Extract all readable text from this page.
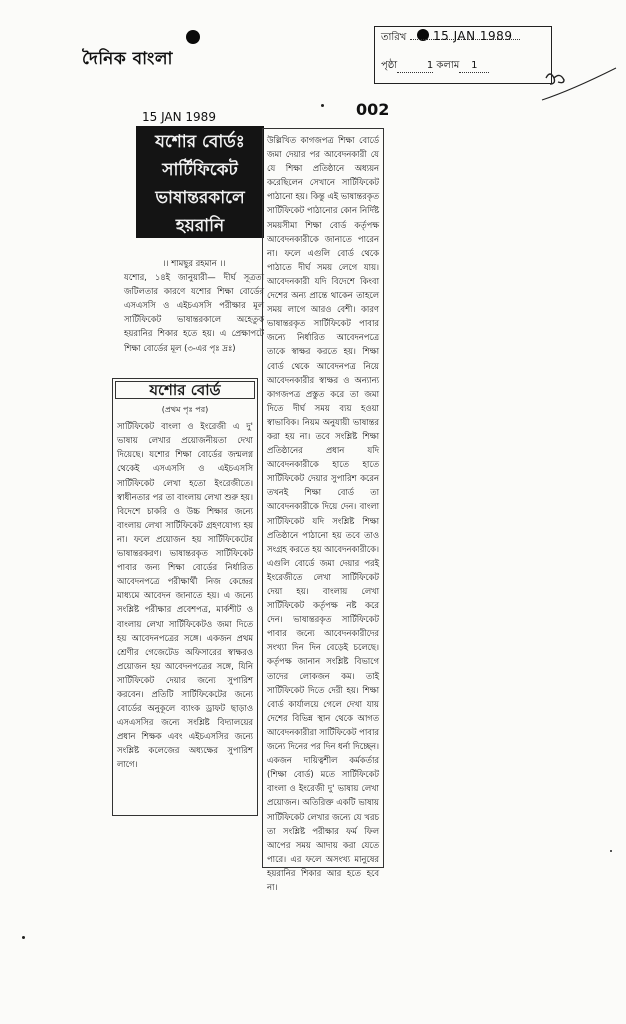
দৈনিক বাংলা
তারিখ	15 JAN 1989
পৃষ্ঠা	1 কলাম 1
002
15 JAN 1989
যশোর বোর্ডঃ
সার্টিফিকেট
ভাষান্তরকালে
হয়রানি

।। শামছুর রহমান ।।

যশোর, ১৪ই জানুয়ারী— দীর্ঘ সূত্রতা জটিলতার কারণে যশোর শিক্ষা বোর্ডের এসএসসি ও এইচএসসি পরীক্ষার মূল সার্টিফিকেট ভাষান্তরকালে অহেতুক হয়রানির শিকার হতে হয়। এ প্রেক্ষাপটে শিক্ষা বোর্ডের মূল (৩-এর পৃঃ দ্রঃ)

যশোর বোর্ড
(প্রথম পৃঃ পর)

সার্টিফিকেট বাংলা ও ইংরেজী এ দু' ভাষায় লেখার প্রয়োজনীয়তা দেখা দিয়েছে। যশোর শিক্ষা বোর্ডের জন্মলগ্ন থেকেই এসএসসি ও এইচএসসি সার্টিফিকেট লেখা হতো ইংরেজীতে। স্বাধীনতার পর তা বাংলায় লেখা শুরু হয়। বিদেশে চাকরি ও উচ্চ শিক্ষার জন্যে বাংলায় লেখা সার্টিফিকেট গ্রহণযোগ্য হয় না। ফলে প্রয়োজন হয় সার্টিফিকেটের ভাষান্তরকরণ। ভাষান্তরকৃত সার্টিফিকেট পাবার জন্য শিক্ষা বোর্ডের নির্ধারিত আবেদনপত্রে পরীক্ষার্থী নিজ কেন্দ্রের মাধ্যমে আবেদন জানাতে হয়। এ জন্যে সংশ্লিষ্ট পরীক্ষার প্রবেশপত্র, মার্কশীট ও বাংলায় লেখা সার্টিফিকেটও জমা দিতে হয় আবেদনপত্রের সঙ্গে। একজন প্রথম শ্রেণীর গেজেটেড অফিসারের স্বাক্ষরও প্রয়োজন হয় আবেদনপত্রের সঙ্গে, যিনি সার্টিফিকেট দেয়ার জন্যে সুপারিশ করবেন। প্রতিটি সার্টিফিকেটের জন্যে বোর্ডের অনুকূলে ব্যাংক ড্রাফট ছাড়াও এসএসসির জন্যে সংশ্লিষ্ট বিদ্যালয়ের প্রধান শিক্ষক এবং এইচএসসির জন্যে সংশ্লিষ্ট কলেজের অধ্যক্ষের সুপারিশ লাগে।

উল্লিখিত কাগজপত্র শিক্ষা বোর্ডে জমা দেয়ার পর আবেদনকারী যে যে শিক্ষা প্রতিষ্ঠানে অধ্যয়ন করেছিলেন সেখানে সার্টিফিকেট পাঠানো হয়। কিন্তু এই ভাষান্তরকৃত সার্টিফিকেট পাঠানোর কোন নির্দিষ্ট সময়সীমা শিক্ষা বোর্ড কর্তৃপক্ষ আবেদনকারীকে জানাতে পারেন না। ফলে এগুলি বোর্ড থেকে পাঠাতে দীর্ঘ সময় লেগে যায়। আবেদনকারী যদি বিদেশে কিংবা দেশের অন্য প্রান্তে থাকেন তাহলে সময় লাগে আরও বেশী। কারণ ভাষান্তরকৃত সার্টিফিকেট পাবার জন্যে নির্ধারিত আবেদনপত্রে তাকে স্বাক্ষর করতে হয়। শিক্ষা বোর্ড থেকে আবেদনপত্র নিয়ে আবেদনকারীর স্বাক্ষর ও অন্যান্য কাগজপত্র প্রস্তুত করে তা জমা দিতে দীর্ঘ সময় ব্যয় হওয়া স্বাভাবিক। নিয়ম অনুযায়ী ভাষান্তর করা হয় না। তবে সংশ্লিষ্ট শিক্ষা প্রতিষ্ঠানের প্রধান যদি আবেদনকারীকে হাতে হাতে সার্টিফিকেট দেয়ার সুপারিশ করেন তখনই শিক্ষা বোর্ড তা আবেদনকারীকে দিয়ে দেন। বাংলা সার্টিফিকেট যদি সংশ্লিষ্ট শিক্ষা প্রতিষ্ঠানে পাঠানো হয় তবে তাও সংগ্রহ করতে হয় আবেদনকারীকে। এগুলি বোর্ডে জমা দেয়ার পরই ইংরেজীতে লেখা সার্টিফিকেট দেয়া হয়। বাংলায় লেখা সার্টিফিকেট কর্তৃপক্ষ নষ্ট করে দেন। ভাষান্তরকৃত সার্টিফিকেট পাবার জন্যে আবেদনকারীদের সংখ্যা দিন দিন বেড়েই চলেছে। কর্তৃপক্ষ জানান সংশ্লিষ্ট বিভাগে তাদের লোকজন কম। তাই সার্টিফিকেট দিতে দেরী হয়। শিক্ষা বোর্ড কার্যালয়ে গেলে দেখা যায় দেশের বিভিন্ন স্থান থেকে আগত আবেদনকারীরা সার্টিফিকেট পাবার জন্যে দিনের পর দিন ধর্না দিচ্ছেন। একজন দায়িত্বশীল কর্মকর্তার (শিক্ষা বোর্ড) মতে সার্টিফিকেট বাংলা ও ইংরেজী দু' ভাষায় লেখা প্রয়োজন। অতিরিক্ত একটি ভাষায় সার্টিফিকেট লেখার জন্যে যে খরচ তা সংশ্লিষ্ট পরীক্ষার ফর্ম ফিল আপের সময় আদায় করা যেতে পারে। এর ফলে অসংখ্য মানুষের হয়রানির শিকার আর হতে হবে না।
